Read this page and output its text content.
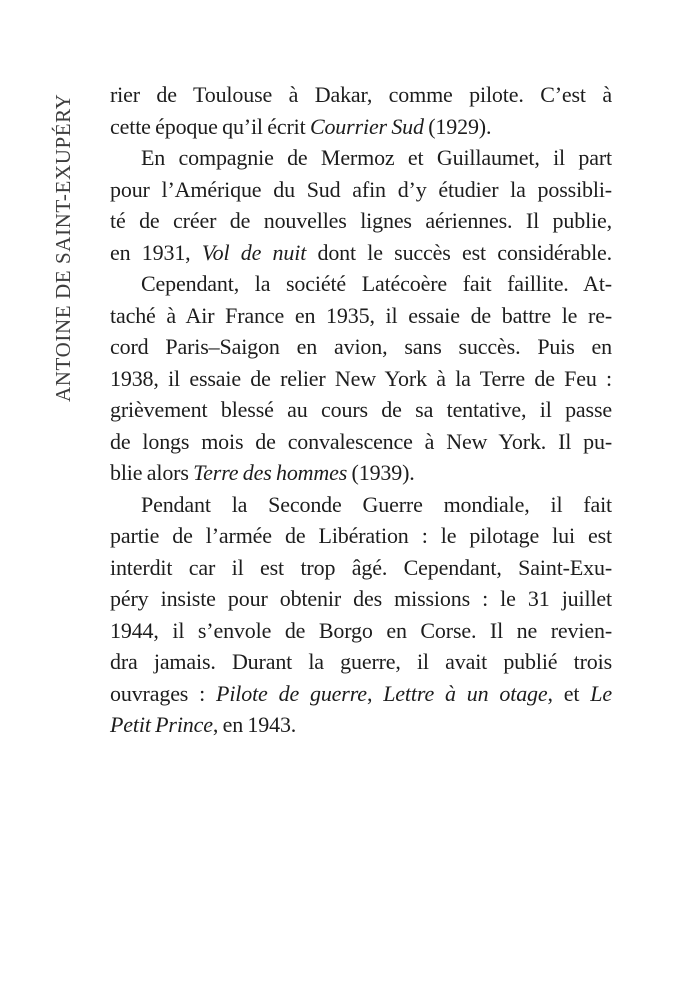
ANTOINE DE SAINT-EXUPÉRY rier de Toulouse à Dakar, comme pilote. C’est à
cette époque qu’il écrit Courrier Sud (1929).
En compagnie de Mermoz et Guillaumet, il part
pour l’Amérique du Sud afin d’y étudier la possibli-
té de créer de nouvelles lignes aériennes. Il publie,
en 1931, Vol de nuit dont le succès est considérable.
Cependant, la société Latécoère fait faillite. At-
taché à Air France en 1935, il essaie de battre le re-
cord Paris–Saigon en avion, sans succès. Puis en
1938, il essaie de relier New York à la Terre de Feu :
grièvement blessé au cours de sa tentative, il passe
de longs mois de convalescence à New York. Il pu-
blie alors Terre des hommes (1939).
Pendant la Seconde Guerre mondiale, il fait
partie de l’armée de Libération : le pilotage lui est
interdit car il est trop âgé. Cependant, Saint-Exu-
péry insiste pour obtenir des missions : le 31 juillet
1944, il s’envole de Borgo en Corse. Il ne revien-
dra jamais. Durant la guerre, il avait publié trois
ouvrages : Pilote de guerre, Lettre à un otage, et Le
Petit Prince, en 1943.
